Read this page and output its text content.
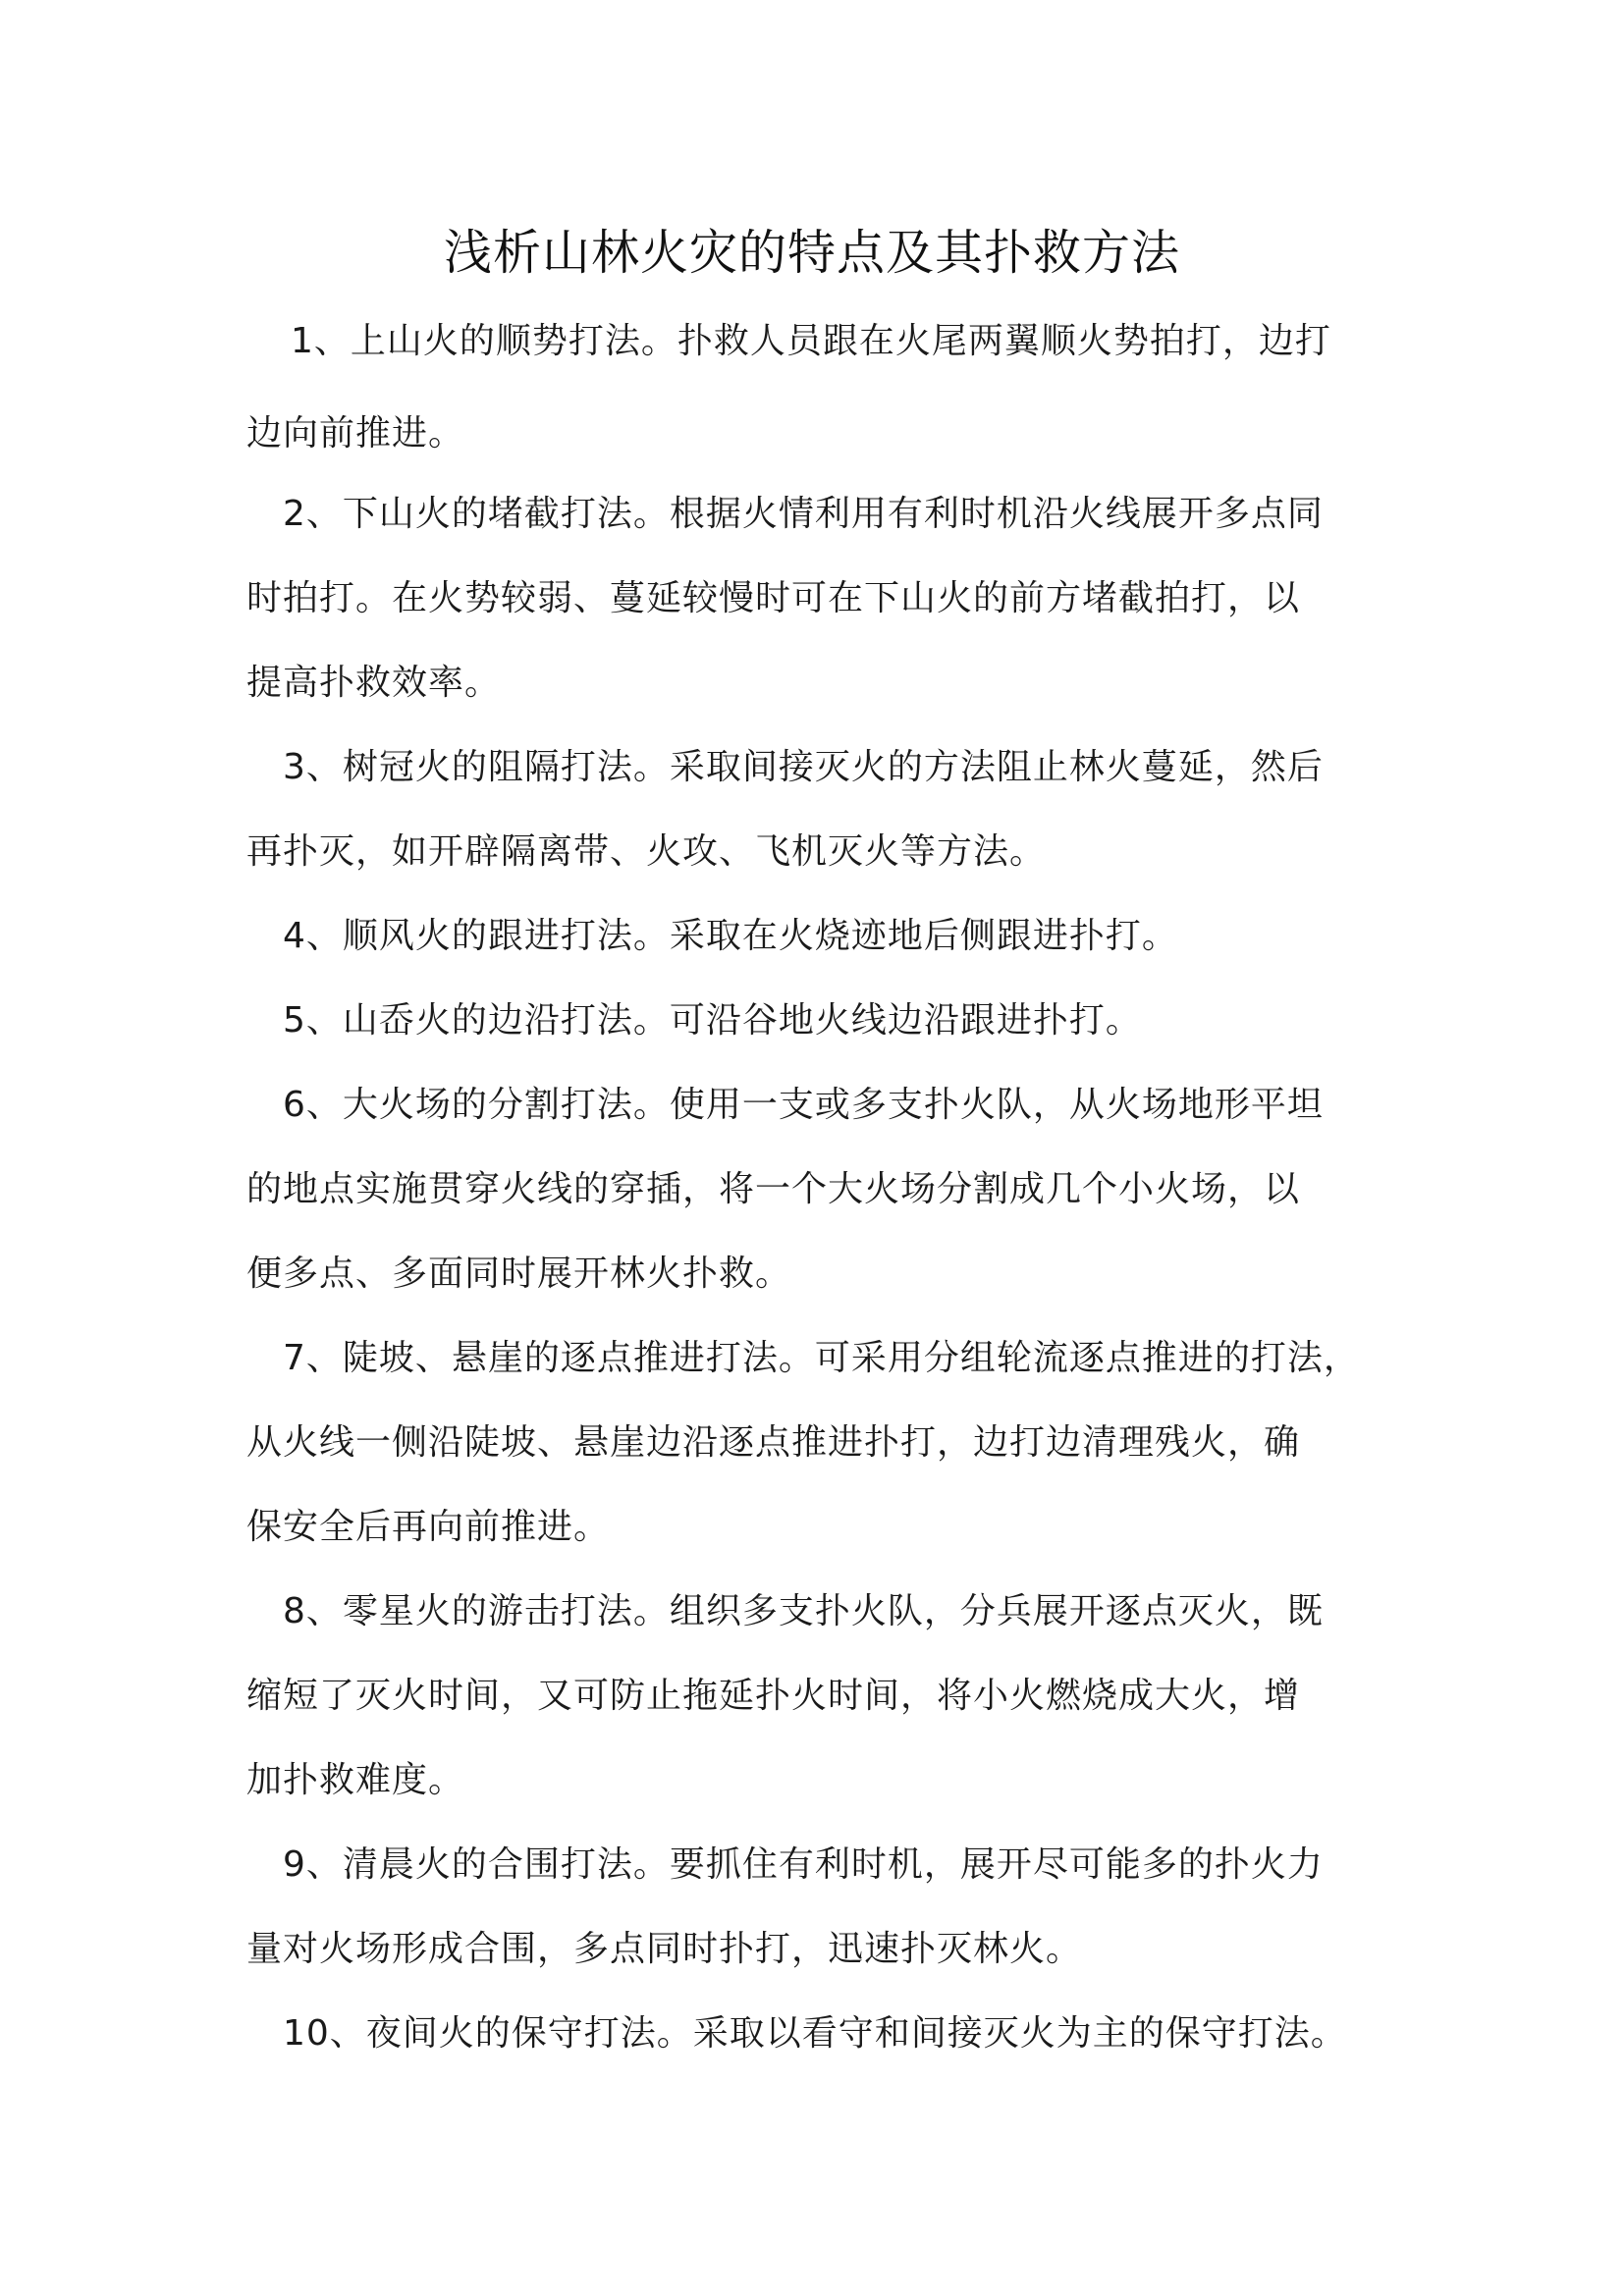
浅析山林火灾的特点及其扑救方法
1、上山火的顺势打法。扑救人员跟在火尾两翼顺火势拍打，边打
边向前推进。
2、下山火的堵截打法。根据火情利用有利时机沿火线展开多点同
时拍打。在火势较弱、蔓延较慢时可在下山火的前方堵截拍打，以
提高扑救效率。
3、树冠火的阻隔打法。采取间接灭火的方法阻止林火蔓延，然后
再扑灭，如开辟隔离带、火攻、飞机灭火等方法。
4、顺风火的跟进打法。采取在火烧迹地后侧跟进扑打。
5、山岙火的边沿打法。可沿谷地火线边沿跟进扑打。
6、大火场的分割打法。使用一支或多支扑火队，从火场地形平坦
的地点实施贯穿火线的穿插，将一个大火场分割成几个小火场，以
便多点、多面同时展开林火扑救。
7、陡坡、悬崖的逐点推进打法。可采用分组轮流逐点推进的打法，
从火线一侧沿陡坡、悬崖边沿逐点推进扑打，边打边清理残火，确
保安全后再向前推进。
8、零星火的游击打法。组织多支扑火队，分兵展开逐点灭火，既
缩短了灭火时间，又可防止拖延扑火时间，将小火燃烧成大火，增
加扑救难度。
9、清晨火的合围打法。要抓住有利时机，展开尽可能多的扑火力
量对火场形成合围，多点同时扑打，迅速扑灭林火。
10、夜间火的保守打法。采取以看守和间接灭火为主的保守打法。
